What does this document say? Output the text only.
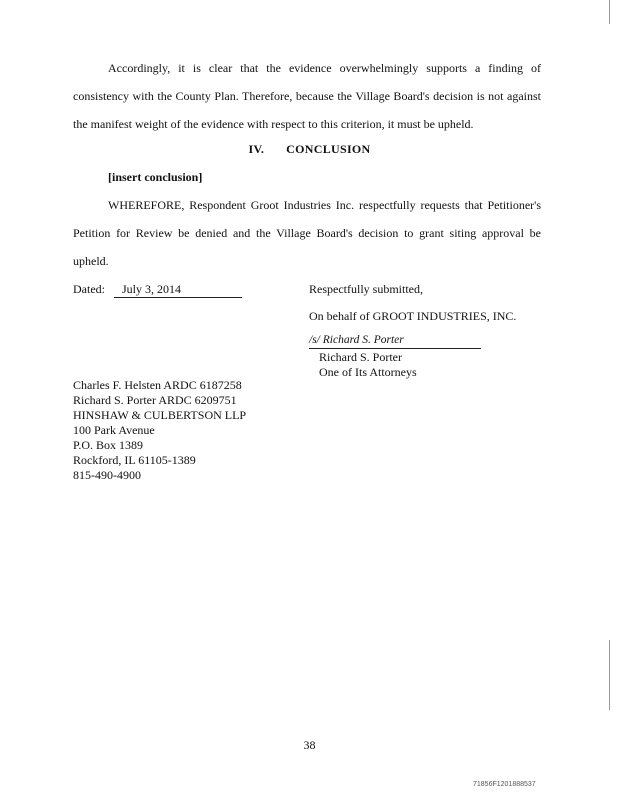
Accordingly, it is clear that the evidence overwhelmingly supports a finding of consistency with the County Plan. Therefore, because the Village Board's decision is not against the manifest weight of the evidence with respect to this criterion, it must be upheld.
IV. CONCLUSION
[insert conclusion]
WHEREFORE, Respondent Groot Industries Inc. respectfully requests that Petitioner's Petition for Review be denied and the Village Board's decision to grant siting approval be upheld.
Dated: July 3, 2014	Respectfully submitted,
On behalf of GROOT INDUSTRIES, INC.
/s/ Richard S. Porter
Richard S. Porter
One of Its Attorneys
Charles F. Helsten ARDC 6187258
Richard S. Porter ARDC 6209751
HINSHAW & CULBERTSON LLP
100 Park Avenue
P.O. Box 1389
Rockford, IL 61105-1389
815-490-4900
38
71856F1201888537
